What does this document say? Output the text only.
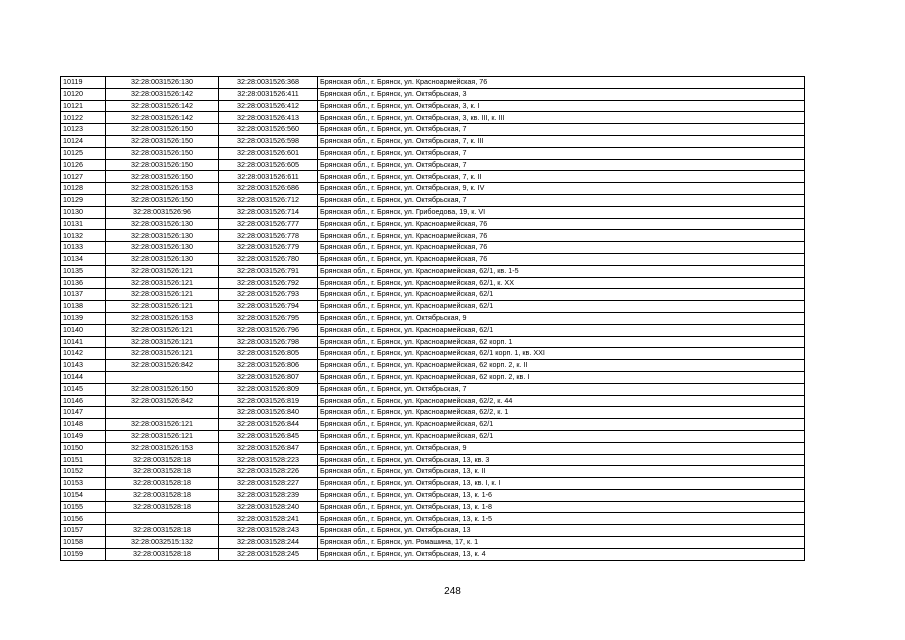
10119	32:28:0031526:130	32:28:0031526:368	Брянская обл., г. Брянск, ул. Красноармейская, 76
10120	32:28:0031526:142	32:28:0031526:411	Брянская обл., г. Брянск, ул. Октябрьская, 3
10121	32:28:0031526:142	32:28:0031526:412	Брянская обл., г. Брянск, ул. Октябрьская, 3, к. I
10122	32:28:0031526:142	32:28:0031526:413	Брянская обл., г. Брянск, ул. Октябрьская, 3, кв. III, к. III
10123	32:28:0031526:150	32:28:0031526:560	Брянская обл., г. Брянск, ул. Октябрьская, 7
10124	32:28:0031526:150	32:28:0031526:598	Брянская обл., г. Брянск, ул. Октябрьская, 7, к. III
10125	32:28:0031526:150	32:28:0031526:601	Брянская обл., г. Брянск, ул. Октябрьская, 7
10126	32:28:0031526:150	32:28:0031526:605	Брянская обл., г. Брянск, ул. Октябрьская, 7
10127	32:28:0031526:150	32:28:0031526:611	Брянская обл., г. Брянск, ул. Октябрьская, 7, к. II
10128	32:28:0031526:153	32:28:0031526:686	Брянская обл., г. Брянск, ул. Октябрьская, 9, к. IV
10129	32:28:0031526:150	32:28:0031526:712	Брянская обл., г. Брянск, ул. Октябрьская, 7
10130	32:28:0031526:96	32:28:0031526:714	Брянская обл., г. Брянск, ул. Грибоедова, 19, к. VI
10131	32:28:0031526:130	32:28:0031526:777	Брянская обл., г. Брянск, ул. Красноармейская, 76
10132	32:28:0031526:130	32:28:0031526:778	Брянская обл., г. Брянск, ул. Красноармейская, 76
10133	32:28:0031526:130	32:28:0031526:779	Брянская обл., г. Брянск, ул. Красноармейская, 76
10134	32:28:0031526:130	32:28:0031526:780	Брянская обл., г. Брянск, ул. Красноармейская, 76
10135	32:28:0031526:121	32:28:0031526:791	Брянская обл., г. Брянск, ул. Красноармейская, 62/1, кв. 1-5
10136	32:28:0031526:121	32:28:0031526:792	Брянская обл., г. Брянск, ул. Красноармейская, 62/1, к. XX
10137	32:28:0031526:121	32:28:0031526:793	Брянская обл., г. Брянск, ул. Красноармейская, 62/1
10138	32:28:0031526:121	32:28:0031526:794	Брянская обл., г. Брянск, ул. Красноармейская, 62/1
10139	32:28:0031526:153	32:28:0031526:795	Брянская обл., г. Брянск, ул. Октябрьская, 9
10140	32:28:0031526:121	32:28:0031526:796	Брянская обл., г. Брянск, ул. Красноармейская, 62/1
10141	32:28:0031526:121	32:28:0031526:798	Брянская обл., г. Брянск, ул. Красноармейская, 62 корп. 1
10142	32:28:0031526:121	32:28:0031526:805	Брянская обл., г. Брянск, ул. Красноармейская, 62/1 корп. 1, кв. XXI
10143	32:28:0031526:842	32:28:0031526:806	Брянская обл., г. Брянск, ул. Красноармейская, 62 корп. 2, к. II
10144		32:28:0031526:807	Брянская обл., г. Брянск, ул. Красноармейская, 62 корп. 2, кв. I
10145	32:28:0031526:150	32:28:0031526:809	Брянская обл., г. Брянск, ул. Октябрьская, 7
10146	32:28:0031526:842	32:28:0031526:819	Брянская обл., г. Брянск, ул. Красноармейская, 62/2, к. 44
10147		32:28:0031526:840	Брянская обл., г. Брянск, ул. Красноармейская, 62/2, к. 1
10148	32:28:0031526:121	32:28:0031526:844	Брянская обл., г. Брянск, ул. Красноармейская, 62/1
10149	32:28:0031526:121	32:28:0031526:845	Брянская обл., г. Брянск, ул. Красноармейская, 62/1
10150	32:28:0031526:153	32:28:0031526:847	Брянская обл., г. Брянск, ул. Октябрьская, 9
10151	32:28:0031528:18	32:28:0031528:223	Брянская обл., г. Брянск, ул. Октябрьская, 13, кв. 3
10152	32:28:0031528:18	32:28:0031528:226	Брянская обл., г. Брянск, ул. Октябрьская, 13, к. II
10153	32:28:0031528:18	32:28:0031528:227	Брянская обл., г. Брянск, ул. Октябрьская, 13, кв. I, к. I
10154	32:28:0031528:18	32:28:0031528:239	Брянская обл., г. Брянск, ул. Октябрьская, 13, к. 1-6
10155	32:28:0031528:18	32:28:0031528:240	Брянская обл., г. Брянск, ул. Октябрьская, 13, к. 1-8
10156		32:28:0031528:241	Брянская обл., г. Брянск, ул. Октябрьская, 13, к. 1-5
10157	32:28:0031528:18	32:28:0031528:243	Брянская обл., г. Брянск, ул. Октябрьская, 13
10158	32:28:0032515:132	32:28:0031528:244	Брянская обл., г. Брянск, ул. Ромашина, 17, к. 1
10159	32:28:0031528:18	32:28:0031528:245	Брянская обл., г. Брянск, ул. Октябрьская, 13, к. 4
248
